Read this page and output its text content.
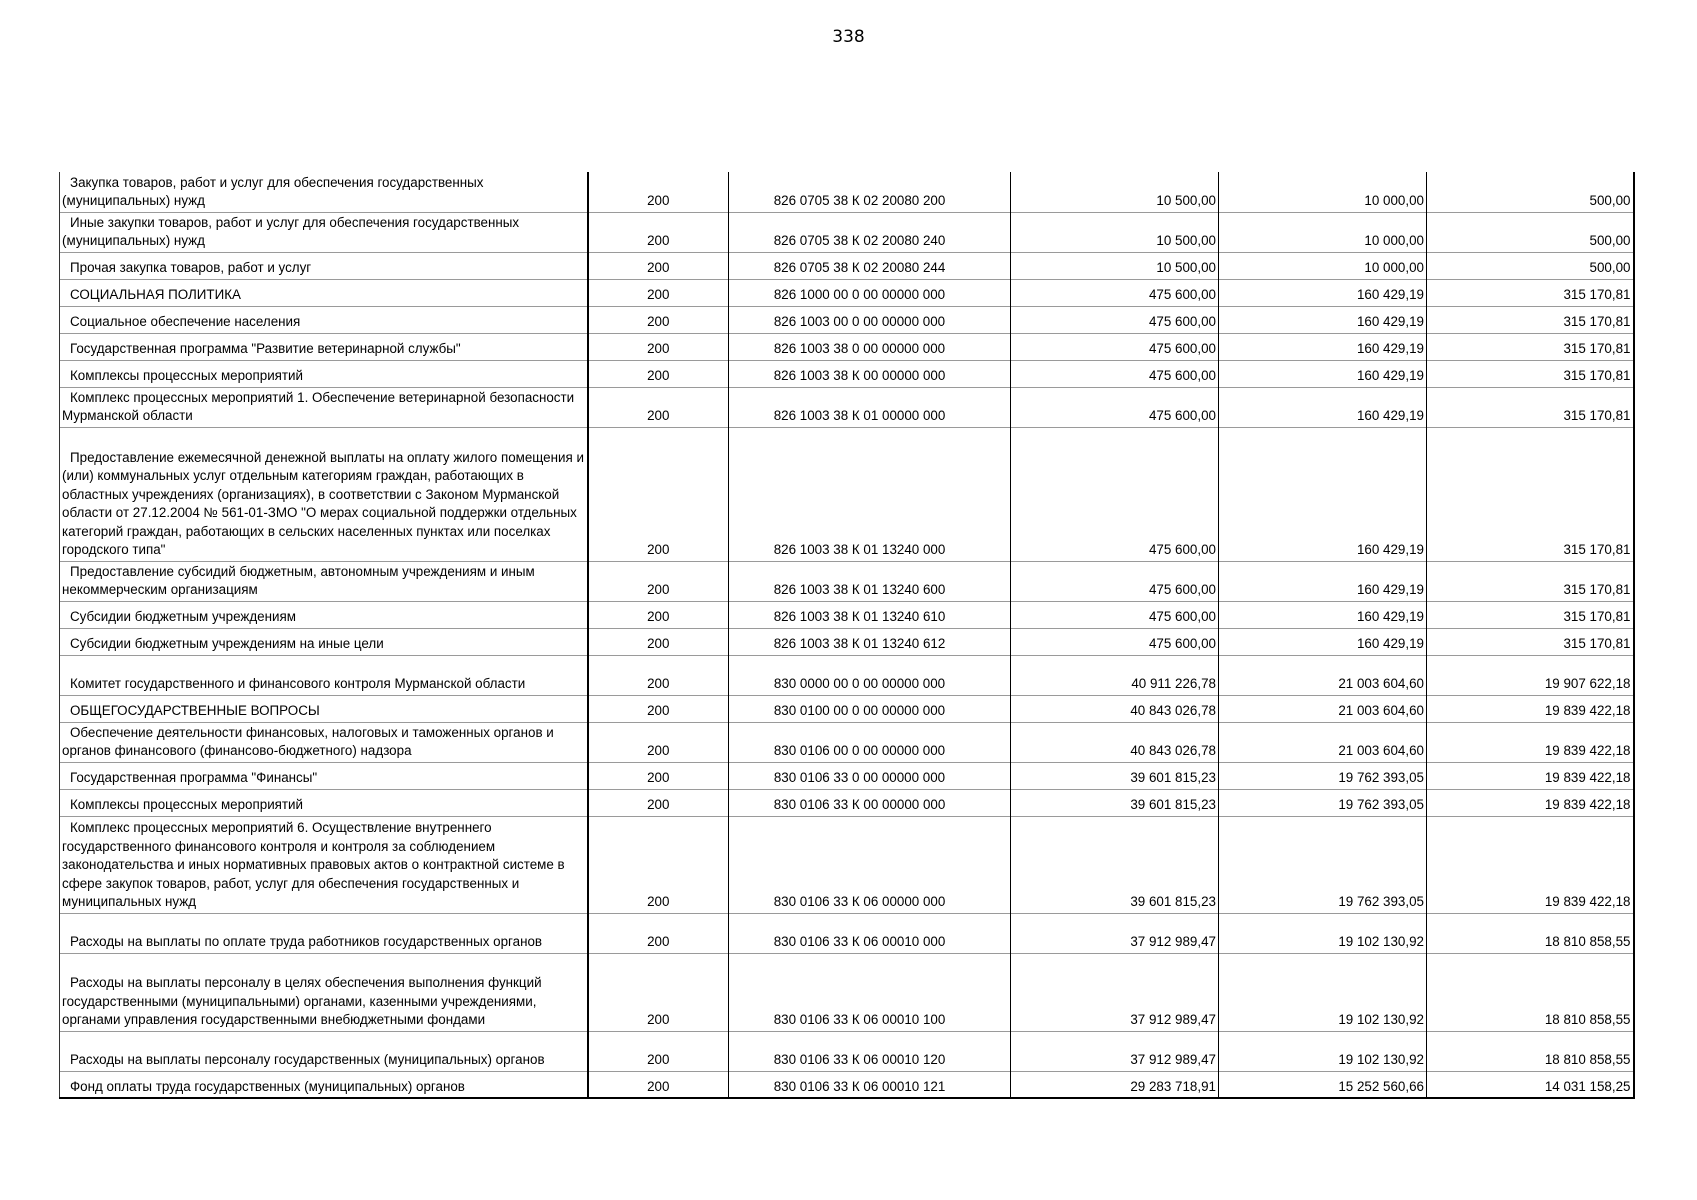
338
Закупка товаров, работ и услуг для обеспечения государственных (муниципальных) нужд	200	826 0705 38 К 02 20080 200	10 500,00	10 000,00	500,00
Иные закупки товаров, работ и услуг для обеспечения государственных (муниципальных) нужд	200	826 0705 38 К 02 20080 240	10 500,00	10 000,00	500,00
Прочая закупка товаров, работ и услуг	200	826 0705 38 К 02 20080 244	10 500,00	10 000,00	500,00
СОЦИАЛЬНАЯ ПОЛИТИКА	200	826 1000 00 0 00 00000 000	475 600,00	160 429,19	315 170,81
Социальное обеспечение населения	200	826 1003 00 0 00 00000 000	475 600,00	160 429,19	315 170,81
Государственная программа "Развитие ветеринарной службы"	200	826 1003 38 0 00 00000 000	475 600,00	160 429,19	315 170,81
Комплексы процессных мероприятий	200	826 1003 38 К 00 00000 000	475 600,00	160 429,19	315 170,81
Комплекс процессных мероприятий 1. Обеспечение ветеринарной безопасности Мурманской области	200	826 1003 38 К 01 00000 000	475 600,00	160 429,19	315 170,81
Предоставление ежемесячной денежной выплаты на оплату жилого помещения и (или) коммунальных услуг отдельным категориям граждан, работающих в областных учреждениях (организациях), в соответствии с Законом Мурманской области от 27.12.2004 № 561-01-ЗМО "О мерах социальной поддержки отдельных категорий граждан, работающих в сельских населенных пунктах или поселках городского типа"	200	826 1003 38 К 01 13240 000	475 600,00	160 429,19	315 170,81
Предоставление субсидий бюджетным, автономным учреждениям и иным некоммерческим организациям	200	826 1003 38 К 01 13240 600	475 600,00	160 429,19	315 170,81
Субсидии бюджетным учреждениям	200	826 1003 38 К 01 13240 610	475 600,00	160 429,19	315 170,81
Субсидии бюджетным учреждениям на иные цели	200	826 1003 38 К 01 13240 612	475 600,00	160 429,19	315 170,81
Комитет государственного и финансового контроля Мурманской области	200	830 0000 00 0 00 00000 000	40 911 226,78	21 003 604,60	19 907 622,18
ОБЩЕГОСУДАРСТВЕННЫЕ ВОПРОСЫ	200	830 0100 00 0 00 00000 000	40 843 026,78	21 003 604,60	19 839 422,18
Обеспечение деятельности финансовых, налоговых и таможенных органов и органов финансового (финансово-бюджетного) надзора	200	830 0106 00 0 00 00000 000	40 843 026,78	21 003 604,60	19 839 422,18
Государственная программа "Финансы"	200	830 0106 33 0 00 00000 000	39 601 815,23	19 762 393,05	19 839 422,18
Комплексы процессных мероприятий	200	830 0106 33 К 00 00000 000	39 601 815,23	19 762 393,05	19 839 422,18
Комплекс процессных мероприятий 6. Осуществление внутреннего государственного финансового контроля и контроля за соблюдением законодательства и иных нормативных правовых актов о контрактной системе в сфере закупок товаров, работ, услуг для обеспечения государственных и муниципальных нужд	200	830 0106 33 К 06 00000 000	39 601 815,23	19 762 393,05	19 839 422,18
Расходы на выплаты по оплате труда работников государственных органов	200	830 0106 33 К 06 00010 000	37 912 989,47	19 102 130,92	18 810 858,55
Расходы на выплаты персоналу в целях обеспечения выполнения функций государственными (муниципальными) органами, казенными учреждениями, органами управления государственными внебюджетными фондами	200	830 0106 33 К 06 00010 100	37 912 989,47	19 102 130,92	18 810 858,55
Расходы на выплаты персоналу государственных (муниципальных) органов	200	830 0106 33 К 06 00010 120	37 912 989,47	19 102 130,92	18 810 858,55
Фонд оплаты труда государственных (муниципальных) органов	200	830 0106 33 К 06 00010 121	29 283 718,91	15 252 560,66	14 031 158,25
